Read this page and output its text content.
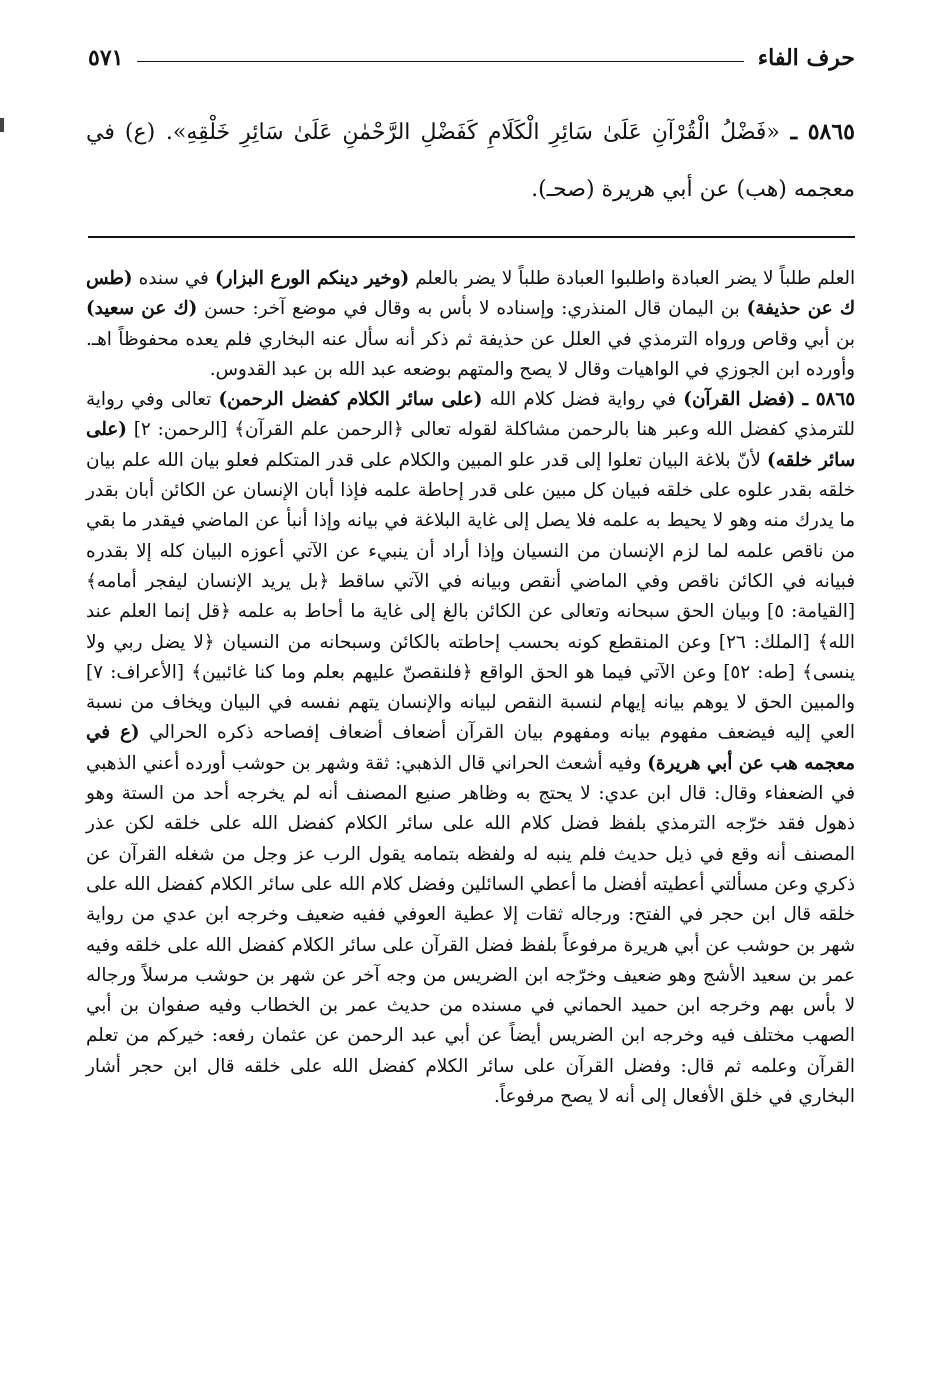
حرف الفاء
٥٧١
٥٨٦٥ ـ «فَضْلُ الْقُرْآنِ عَلَىٰ سَائِرِ الْكَلَامِ كَفَضْلِ الرَّحْمٰنِ عَلَىٰ سَائِرِ خَلْقِهِ». (ع) في معجمه (هب) عن أبي هريرة (صحـ).

العلم طلباً لا يضر العبادة واطلبوا العبادة طلباً لا يضر بالعلم (وخير دينكم الورع البزار) في سنده (طس ك عن حذيفة) بن اليمان قال المنذري: وإسناده لا بأس به وقال في موضع آخر: حسن (ك عن سعيد) بن أبي وقاص ورواه الترمذي في العلل عن حذيفة ثم ذكر أنه سأل عنه البخاري فلم يعده محفوظاً اهـ. وأورده ابن الجوزي في الواهيات وقال لا يصح والمتهم بوضعه عبد الله بن عبد القدوس.

٥٨٦٥ ـ (فضل القرآن) في رواية فضل كلام الله (على سائر الكلام كفضل الرحمن) تعالى وفي رواية للترمذي كفضل الله وعبر هنا بالرحمن مشاكلة لقوله تعالى ﴿الرحمن علم القرآن﴾ [الرحمن: ٢] (على سائر خلقه) لأنّ بلاغة البيان تعلوا إلى قدر علو المبين والكلام على قدر المتكلم فعلو بيان الله علم بيان خلقه بقدر علوه على خلقه فبيان كل مبين على قدر إحاطة علمه فإذا أبان الإنسان عن الكائن أبان بقدر ما يدرك منه وهو لا يحيط به علمه فلا يصل إلى غاية البلاغة في بيانه وإذا أنبأ عن الماضي فيقدر ما بقي من ناقص علمه لما لزم الإنسان من النسيان وإذا أراد أن ينبيء عن الآتي أعوزه البيان كله إلا بقدره فبيانه في الكائن ناقص وفي الماضي أنقص وبيانه في الآتي ساقط ﴿بل يريد الإنسان ليفجر أمامه﴾ [القيامة: ٥] وبيان الحق سبحانه وتعالى عن الكائن بالغ إلى غاية ما أحاط به علمه ﴿قل إنما العلم عند الله﴾ [الملك: ٢٦] وعن المنقطع كونه بحسب إحاطته بالكائن وسبحانه من النسيان ﴿لا يضل ربي ولا ينسى﴾ [طه: ٥٢] وعن الآتي فيما هو الحق الواقع ﴿فلنقصنّ عليهم بعلم وما كنا غائبين﴾ [الأعراف: ٧] والمبين الحق لا يوهم بيانه إيهام لنسبة النقص لبيانه والإنسان يتهم نفسه في البيان ويخاف من نسبة العي إليه فيضعف مفهوم بيانه ومفهوم بيان القرآن أضعاف أضعاف إفصاحه ذكره الحرالي (ع في معجمه هب عن أبي هريرة) وفيه أشعث الحراني قال الذهبي: ثقة وشهر بن حوشب أورده أعني الذهبي في الضعفاء وقال: قال ابن عدي: لا يحتج به وظاهر صنيع المصنف أنه لم يخرجه أحد من الستة وهو ذهول فقد خرّجه الترمذي بلفظ فضل كلام الله على سائر الكلام كفضل الله على خلقه لكن عذر المصنف أنه وقع في ذيل حديث فلم ينبه له ولفظه بتمامه يقول الرب عز وجل من شغله القرآن عن ذكري وعن مسألتي أعطيته أفضل ما أعطي السائلين وفضل كلام الله على سائر الكلام كفضل الله على خلقه قال ابن حجر في الفتح: ورجاله ثقات إلا عطية العوفي ففيه ضعيف وخرجه ابن عدي من رواية شهر بن حوشب عن أبي هريرة مرفوعاً بلفظ فضل القرآن على سائر الكلام كفضل الله على خلقه وفيه عمر بن سعيد الأشج وهو ضعيف وخرّجه ابن الضريس من وجه آخر عن شهر بن حوشب مرسلاً ورجاله لا بأس بهم وخرجه ابن حميد الحماني في مسنده من حديث عمر بن الخطاب وفيه صفوان بن أبي الصهب مختلف فيه وخرجه ابن الضريس أيضاً عن أبي عبد الرحمن عن عثمان رفعه: خيركم من تعلم القرآن وعلمه ثم قال: وفضل القرآن على سائر الكلام كفضل الله على خلقه قال ابن حجر أشار البخاري في خلق الأفعال إلى أنه لا يصح مرفوعاً.
